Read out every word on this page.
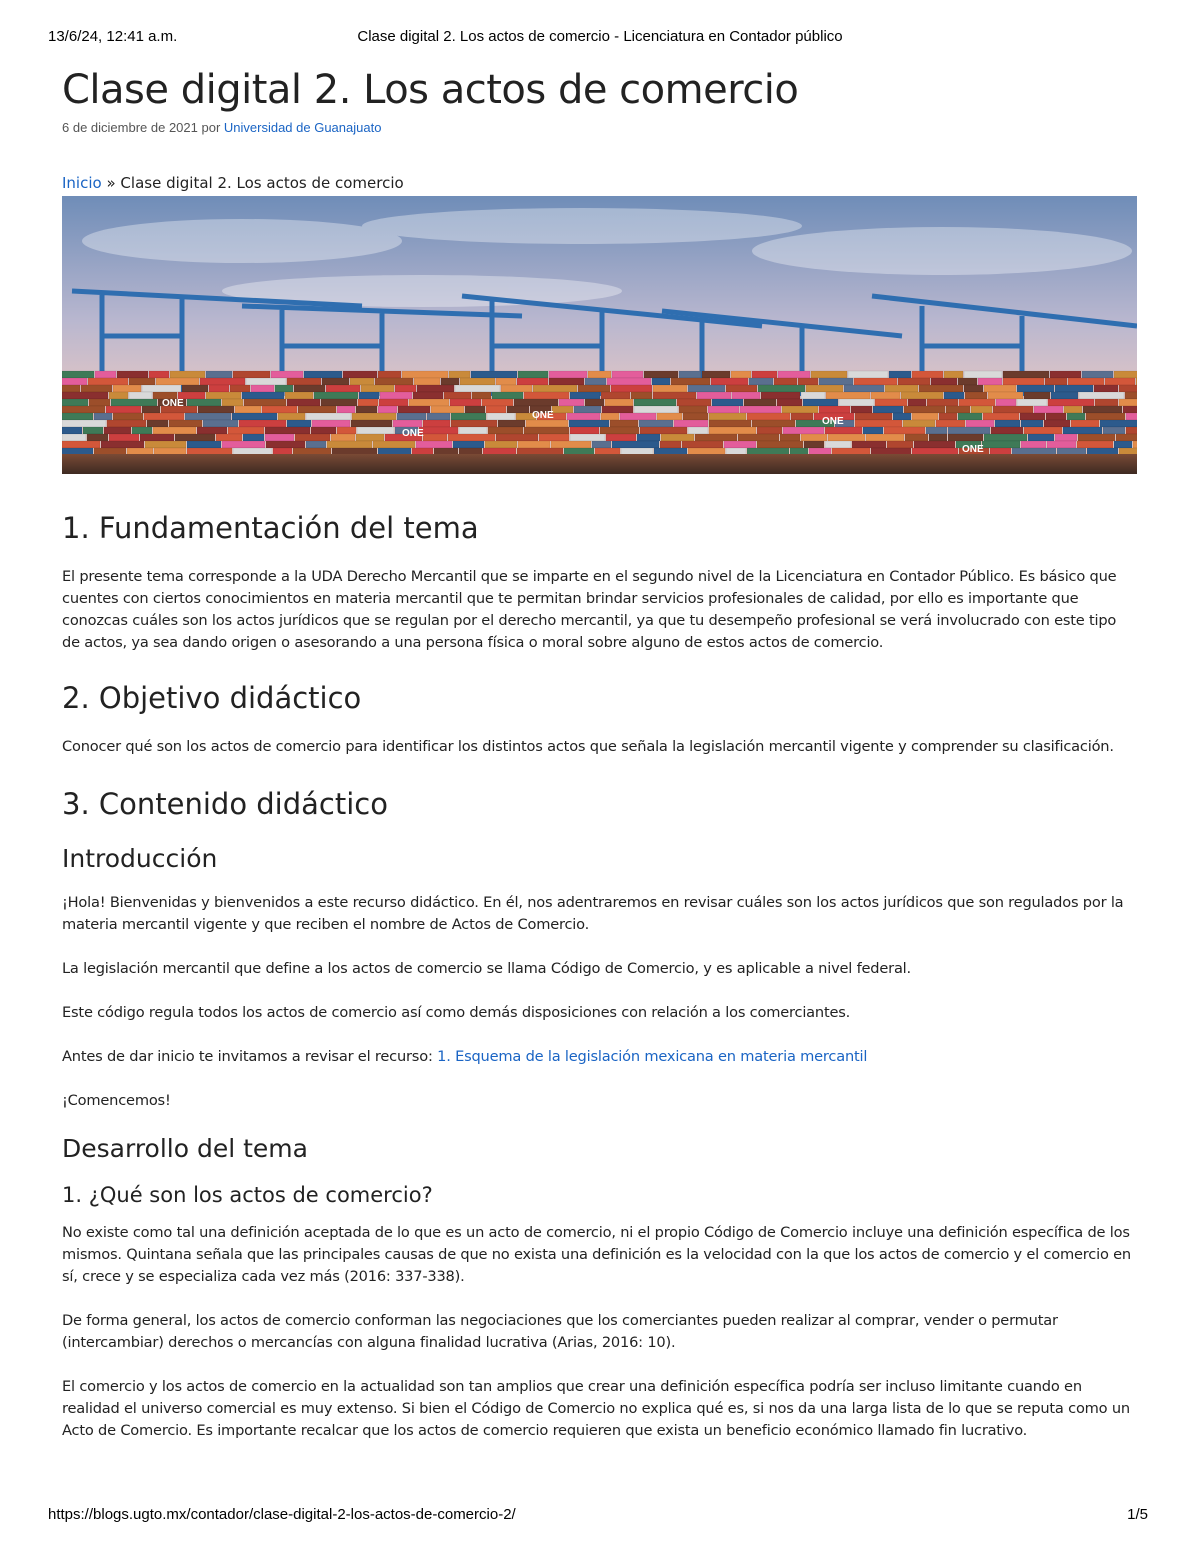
13/6/24, 12:41 a.m.	Clase digital 2. Los actos de comercio - Licenciatura en Contador público
Clase digital 2. Los actos de comercio
6 de diciembre de 2021 por Universidad de Guanajuato
Inicio » Clase digital 2. Los actos de comercio
ONE
ONE
ONE
ONE
ONE
1. Fundamentación del tema

El presente tema corresponde a la UDA Derecho Mercantil que se imparte en el segundo nivel de la Licenciatura en Contador Público. Es básico que cuentes con ciertos conocimientos en materia mercantil que te permitan brindar servicios profesionales de calidad, por ello es importante que conozcas cuáles son los actos jurídicos que se regulan por el derecho mercantil, ya que tu desempeño profesional se verá involucrado con este tipo de actos, ya sea dando origen o asesorando a una persona física o moral sobre alguno de estos actos de comercio.

2. Objetivo didáctico

Conocer qué son los actos de comercio para identificar los distintos actos que señala la legislación mercantil vigente y comprender su clasificación.

3. Contenido didáctico
Introducción

¡Hola! Bienvenidas y bienvenidos a este recurso didáctico. En él, nos adentraremos en revisar cuáles son los actos jurídicos que son regulados por la materia mercantil vigente y que reciben el nombre de Actos de Comercio.

La legislación mercantil que define a los actos de comercio se llama Código de Comercio, y es aplicable a nivel federal.

Este código regula todos los actos de comercio así como demás disposiciones con relación a los comerciantes.

Antes de dar inicio te invitamos a revisar el recurso: 1. Esquema de la legislación mexicana en materia mercantil

¡Comencemos!

Desarrollo del tema
1. ¿Qué son los actos de comercio?

No existe como tal una definición aceptada de lo que es un acto de comercio, ni el propio Código de Comercio incluye una definición específica de los mismos. Quintana señala que las principales causas de que no exista una definición es la velocidad con la que los actos de comercio y el comercio en sí, crece y se especializa cada vez más (2016: 337-338).

De forma general, los actos de comercio conforman las negociaciones que los comerciantes pueden realizar al comprar, vender o permutar (intercambiar) derechos o mercancías con alguna finalidad lucrativa (Arias, 2016: 10).

El comercio y los actos de comercio en la actualidad son tan amplios que crear una definición específica podría ser incluso limitante cuando en realidad el universo comercial es muy extenso. Si bien el Código de Comercio no explica qué es, si nos da una larga lista de lo que se reputa como un Acto de Comercio. Es importante recalcar que los actos de comercio requieren que exista un beneficio económico llamado fin lucrativo.

https://blogs.ugto.mx/contador/clase-digital-2-los-actos-de-comercio-2/	1/5
